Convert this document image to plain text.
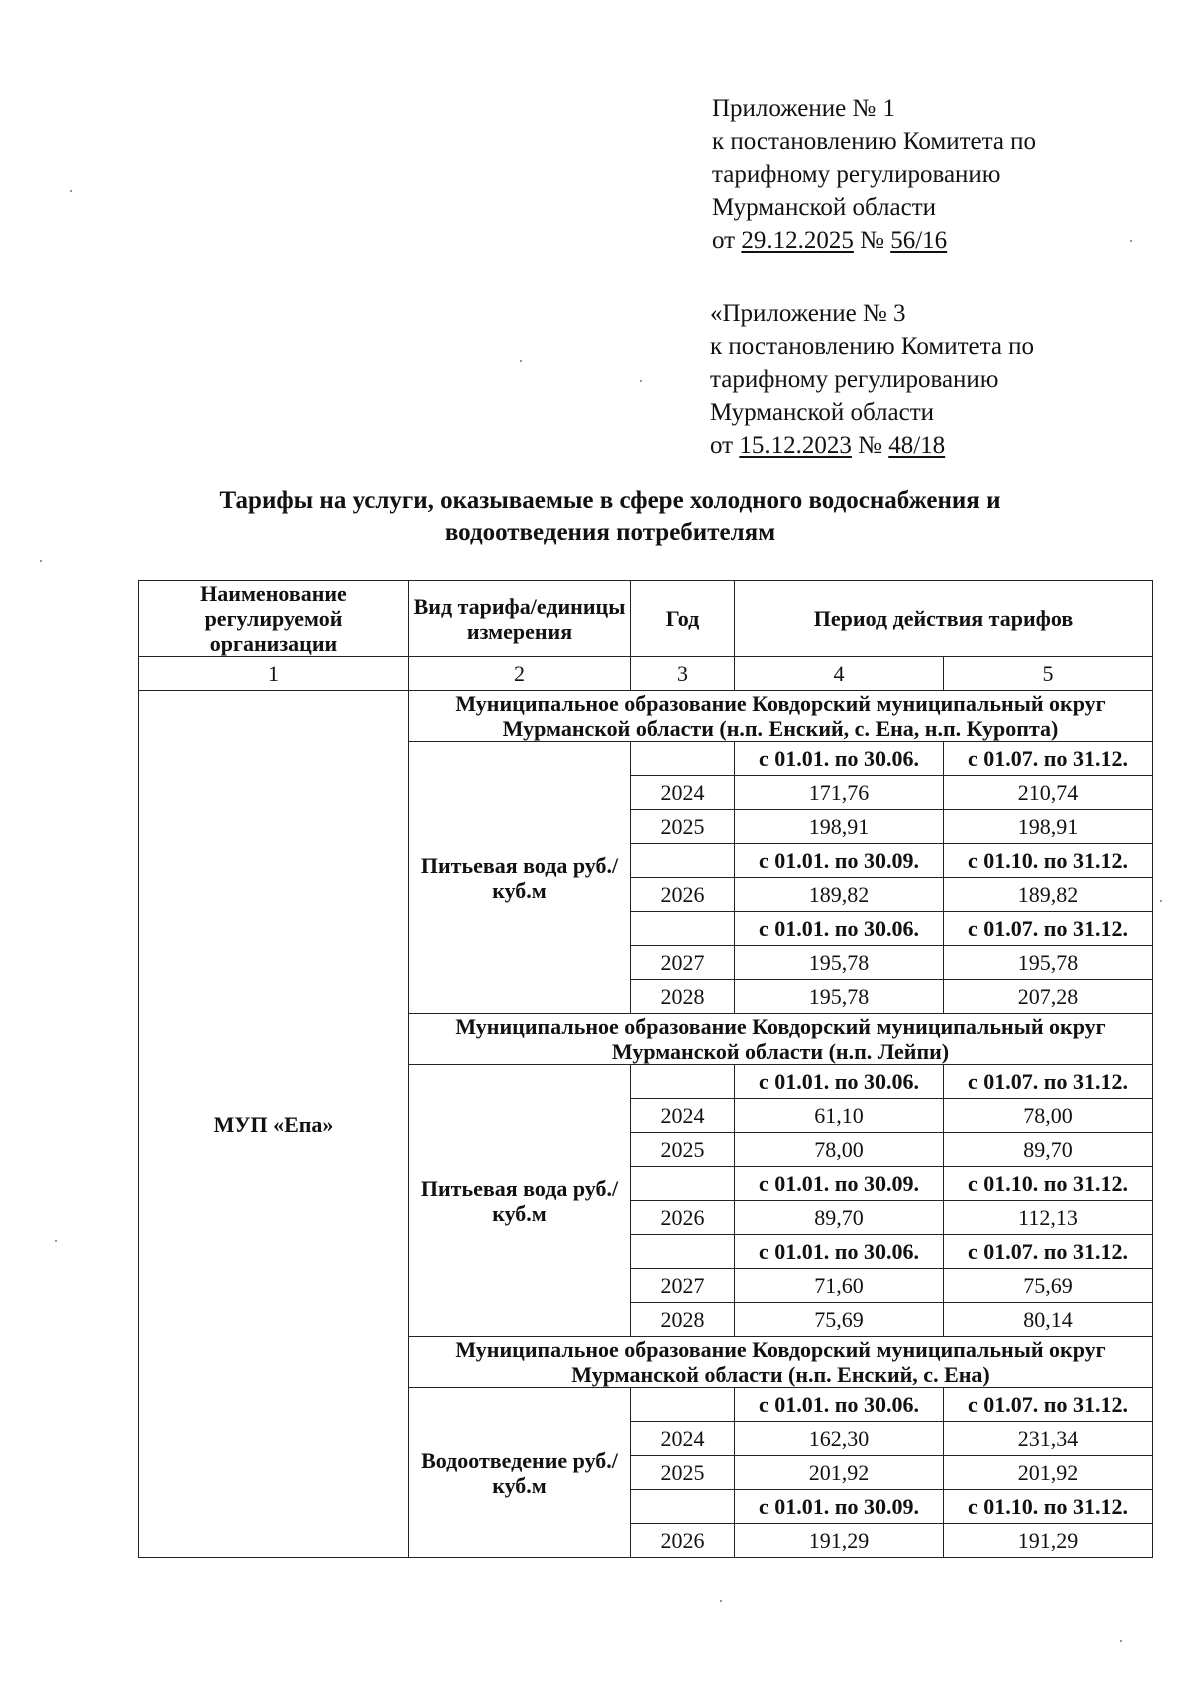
Приложение № 1
к постановлению Комитета по
тарифному регулированию
Мурманской области
от 29.12.2025 № 56/16
«Приложение № 3
к постановлению Комитета по
тарифному регулированию
Мурманской области
от 15.12.2023 № 48/18
Тарифы на услуги, оказываемые в сфере холодного водоснабжения и водоотведения потребителям
Наименование регулируемой организации	Вид тарифа/единицы измерения	Год	Период действия тарифов	
1	2	3	4	5
МУП «Епа»	Муниципальное образование Ковдорский муниципальный округ Мурманской области (н.п. Енский, с. Ена, н.п. Куропта)			
	Питьевая вода руб./куб.м		с 01.01. по 30.06.	с 01.07. по 31.12.
		2024	171,76	210,74
		2025	198,91	198,91
			с 01.01. по 30.09.	с 01.10. по 31.12.
		2026	189,82	189,82
			с 01.01. по 30.06.	с 01.07. по 31.12.
		2027	195,78	195,78
		2028	195,78	207,28
	Муниципальное образование Ковдорский муниципальный округ Мурманской области (н.п. Лейпи)			
	Питьевая вода руб./куб.м		с 01.01. по 30.06.	с 01.07. по 31.12.
		2024	61,10	78,00
		2025	78,00	89,70
			с 01.01. по 30.09.	с 01.10. по 31.12.
		2026	89,70	112,13
			с 01.01. по 30.06.	с 01.07. по 31.12.
		2027	71,60	75,69
		2028	75,69	80,14
	Муниципальное образование Ковдорский муниципальный округ Мурманской области (н.п. Енский, с. Ена)			
	Водоотведение руб./куб.м		с 01.01. по 30.06.	с 01.07. по 31.12.
		2024	162,30	231,34
		2025	201,92	201,92
			с 01.01. по 30.09.	с 01.10. по 31.12.
		2026	191,29	191,29
